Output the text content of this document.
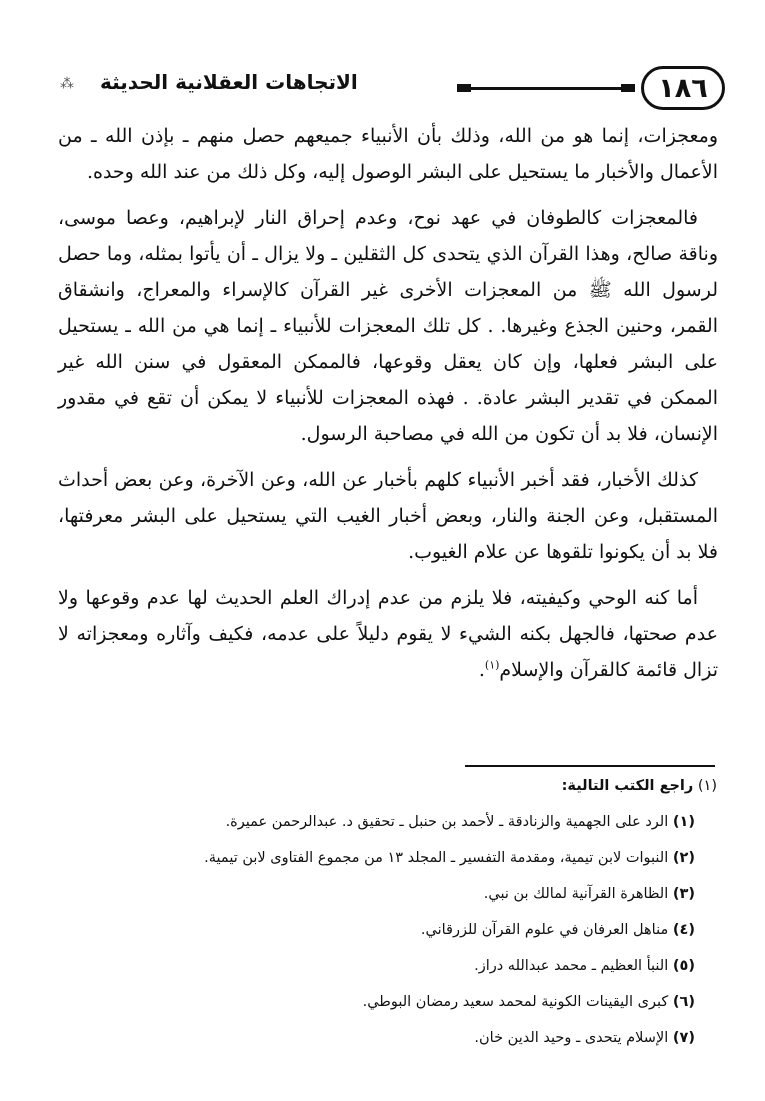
١٨٦
الاتجاهات العقلانية الحديثة
⁂

ومعجزات، إنما هو من الله، وذلك بأن الأنبياء جميعهم حصل منهم ـ بإذن الله ـ من الأعمال والأخبار ما يستحيل على البشر الوصول إليه، وكل ذلك من عند الله وحده.

فالمعجزات كالطوفان في عهد نوح، وعدم إحراق النار لإبراهيم، وعصا موسى، وناقة صالح، وهذا القرآن الذي يتحدى كل الثقلين ـ ولا يزال ـ أن يأتوا بمثله، وما حصل لرسول الله ﷺ من المعجزات الأخرى غير القرآن كالإسراء والمعراج، وانشقاق القمر، وحنين الجذع وغيرها. . كل تلك المعجزات للأنبياء ـ إنما هي من الله ـ يستحيل على البشر فعلها، وإن كان يعقل وقوعها، فالممكن المعقول في سنن الله غير الممكن في تقدير البشر عادة. . فهذه المعجزات للأنبياء لا يمكن أن تقع في مقدور الإنسان، فلا بد أن تكون من الله في مصاحبة الرسول.

كذلك الأخبار، فقد أخبر الأنبياء كلهم بأخبار عن الله، وعن الآخرة، وعن بعض أحداث المستقبل، وعن الجنة والنار، وبعض أخبار الغيب التي يستحيل على البشر معرفتها، فلا بد أن يكونوا تلقوها عن علام الغيوب.

أما كنه الوحي وكيفيته، فلا يلزم من عدم إدراك العلم الحديث لها عدم وقوعها ولا عدم صحتها، فالجهل بكنه الشيء لا يقوم دليلاً على عدمه، فكيف وآثاره ومعجزاته لا تزال قائمة كالقرآن والإسلام$^{(١)}$.

(١) راجع الكتب التالية:
(١) الرد على الجهمية والزنادقة ـ لأحمد بن حنبل ـ تحقيق د. عبدالرحمن عميرة.
(٢) النبوات لابن تيمية، ومقدمة التفسير ـ المجلد ١٣ من مجموع الفتاوى لابن تيمية.
(٣) الظاهرة القرآنية لمالك بن نبي.
(٤) مناهل العرفان في علوم القرآن للزرقاني.
(٥) النبأ العظيم ـ محمد عبدالله دراز.
(٦) كبرى اليقينات الكونية لمحمد سعيد رمضان البوطي.
(٧) الإسلام يتحدى ـ وحيد الدين خان.
